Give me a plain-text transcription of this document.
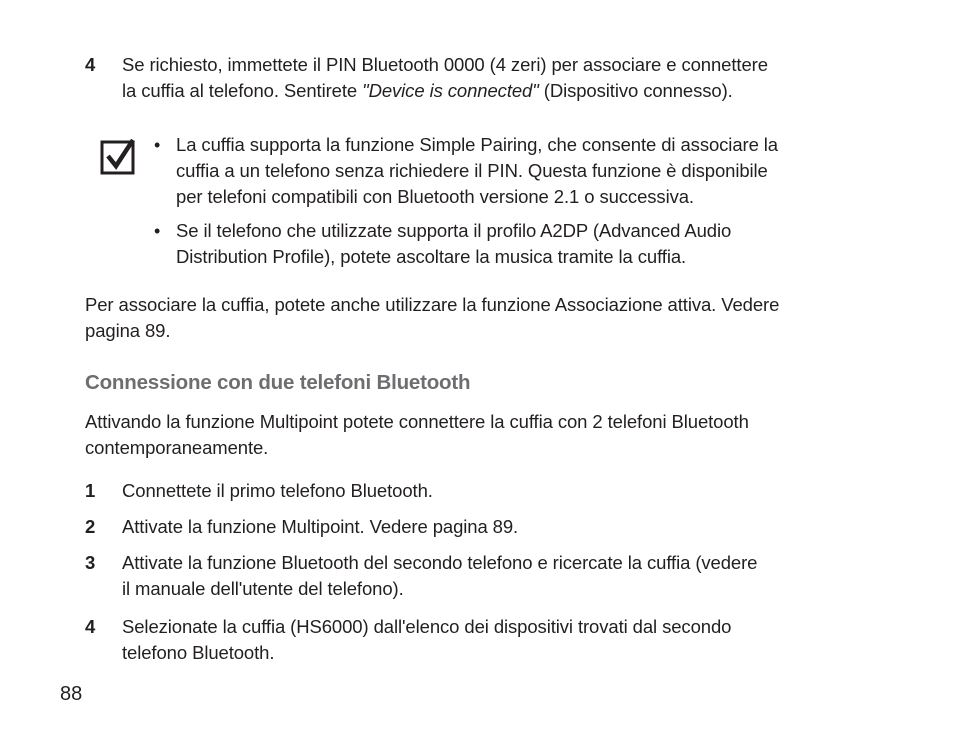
4 Se richiesto, immettete il PIN Bluetooth 0000 (4 zeri) per associare e connettere
la cuffia al telefono. Sentirete "Device is connected" (Dispositivo connesso).
• La cuffia supporta la funzione Simple Pairing, che consente di associare la
cuffia a un telefono senza richiedere il PIN. Questa funzione è disponibile
per telefoni compatibili con Bluetooth versione 2.1 o successiva.
• Se il telefono che utilizzate supporta il profilo A2DP (Advanced Audio
Distribution Profile), potete ascoltare la musica tramite la cuffia.
Per associare la cuffia, potete anche utilizzare la funzione Associazione attiva. Vedere
pagina 89.
Connessione con due telefoni Bluetooth
Attivando la funzione Multipoint potete connettere la cuffia con 2 telefoni Bluetooth
contemporaneamente.
1 Connettete il primo telefono Bluetooth.
2 Attivate la funzione Multipoint. Vedere pagina 89.
3 Attivate la funzione Bluetooth del secondo telefono e ricercate la cuffia (vedere
il manuale dell'utente del telefono).
4 Selezionate la cuffia (HS6000) dall'elenco dei dispositivi trovati dal secondo
telefono Bluetooth.
88
